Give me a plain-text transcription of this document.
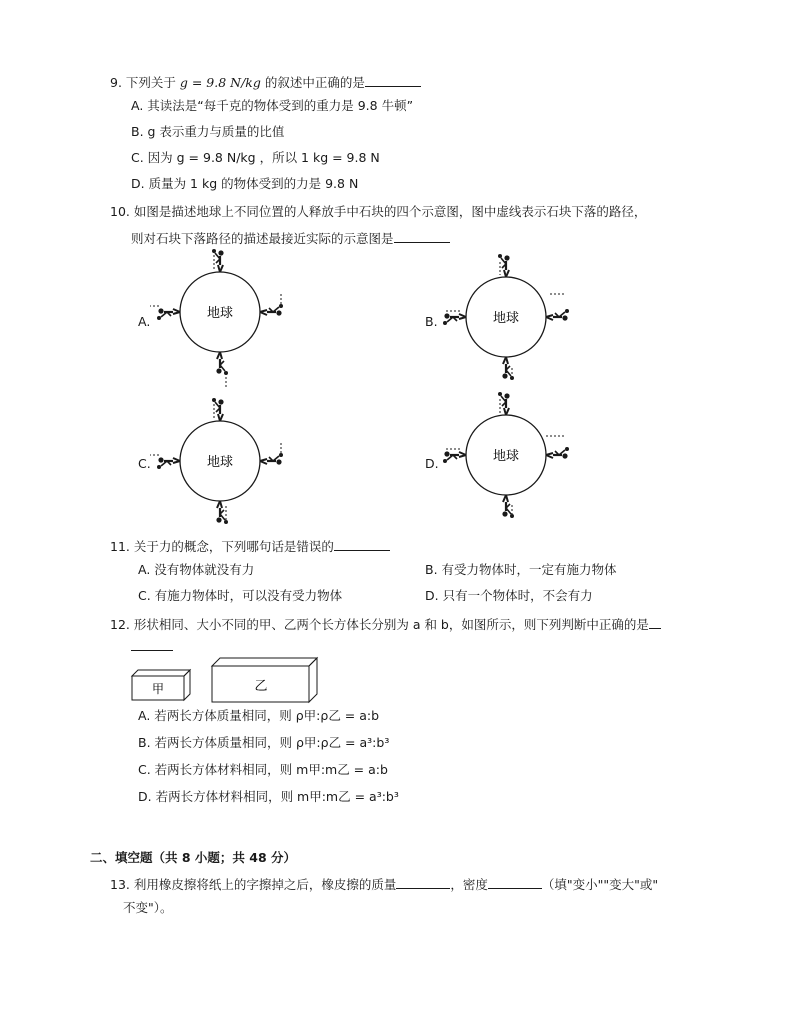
9. 下列关于 g = 9.8 N/kg 的叙述中正确的是
A. 其读法是“每千克的物体受到的重力是 9.8 牛顿”
B. g 表示重力与质量的比值
C. 因为 g = 9.8 N/kg ，所以 1 kg = 9.8 N
D. 质量为 1 kg 的物体受到的力是 9.8 N
10. 如图是描述地球上不同位置的人释放手中石块的四个示意图，图中虚线表示石块下落的路径，
则对石块下落路径的描述最接近实际的示意图是
A.	B.
C.	D.
地球	地球
地球	地球
11. 关于力的概念，下列哪句话是错误的
A. 没有物体就没有力	B. 有受力物体时，一定有施力物体
C. 有施力物体时，可以没有受力物体	D. 只有一个物体时，不会有力
12. 形状相同、大小不同的甲、乙两个长方体长分别为 a 和 b，如图所示，则下列判断中正确的是
甲	乙
A. 若两长方体质量相同，则 ρ甲:ρ乙 = a:b
B. 若两长方体质量相同，则 ρ甲:ρ乙 = a³:b³
C. 若两长方体材料相同，则 m甲:m乙 = a:b
D. 若两长方体材料相同，则 m甲:m乙 = a³:b³
二、填空题（共 8 小题；共 48 分）
13. 利用橡皮擦将纸上的字擦掉之后，橡皮擦的质量	，密度	（填"变小""变大"或"
不变"）。
